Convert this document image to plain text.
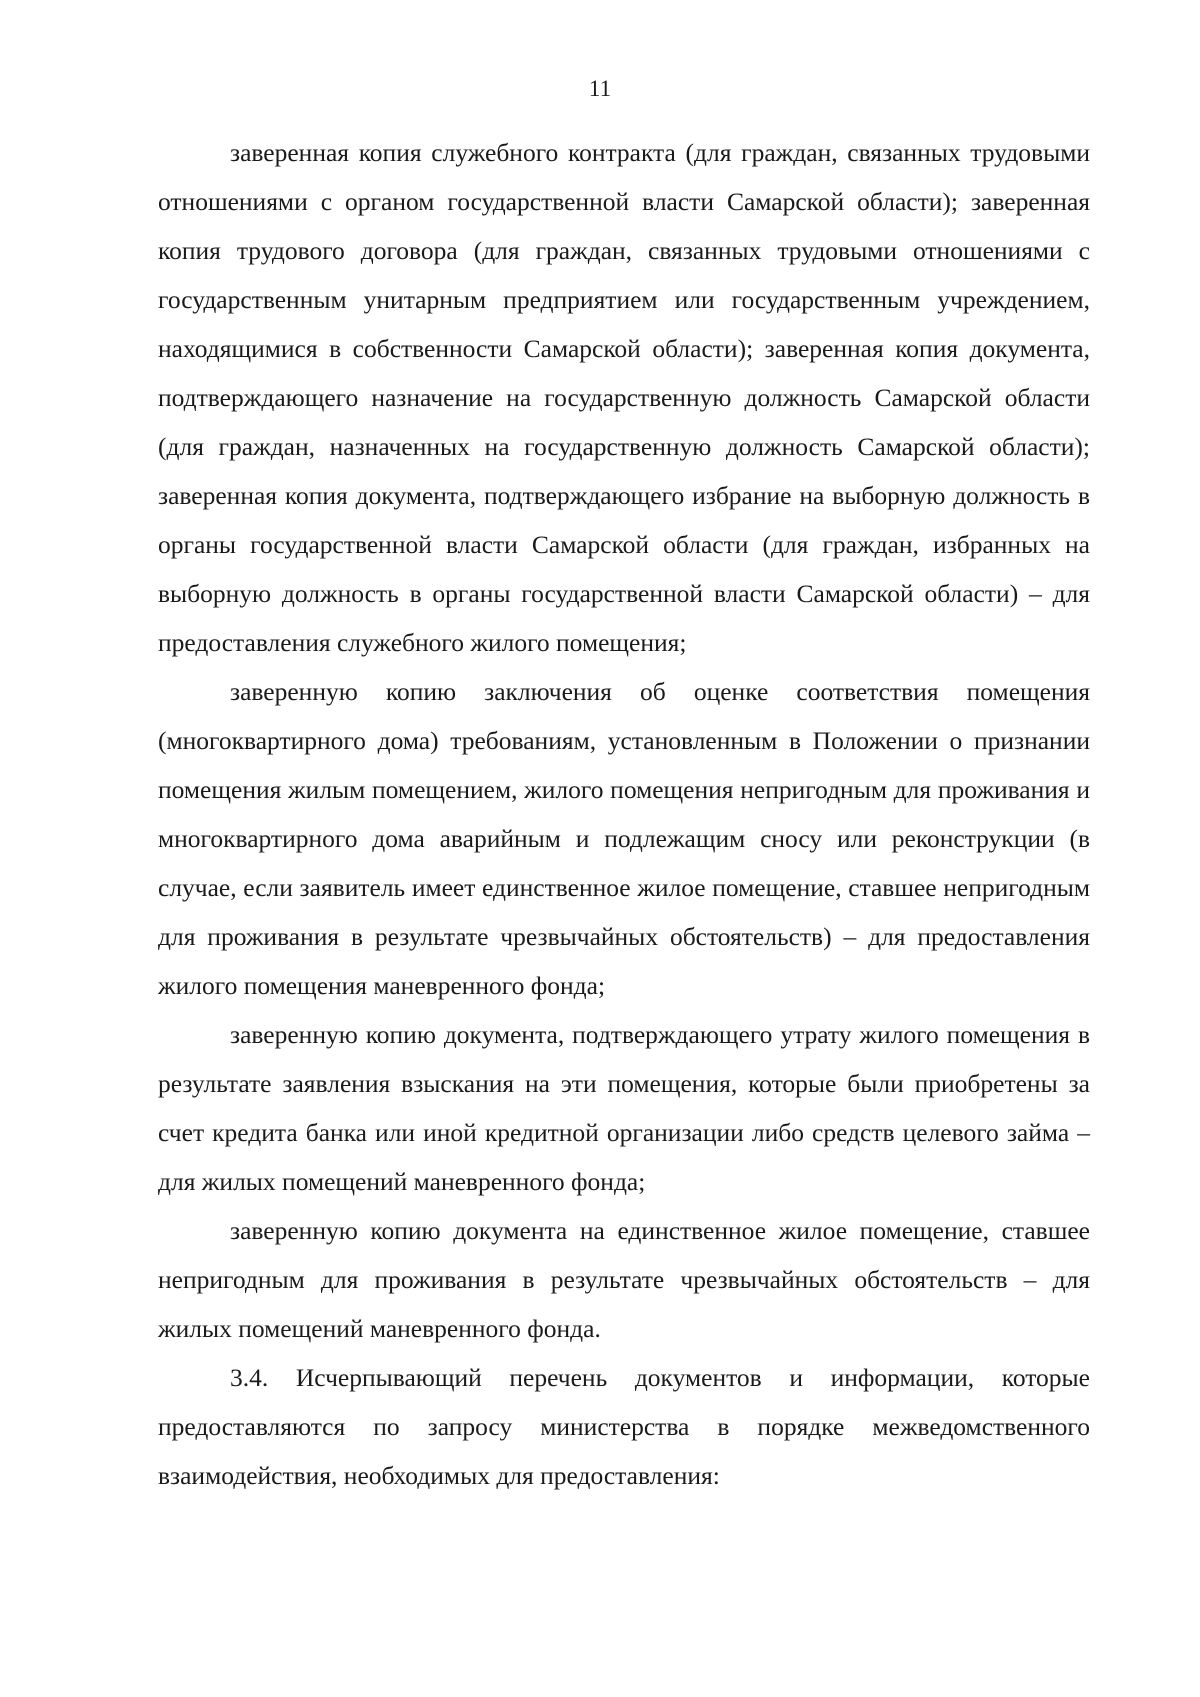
11

заверенная копия служебного контракта (для граждан, связанных трудовыми отношениями с органом государственной власти Самарской области); заверенная копия трудового договора (для граждан, связанных трудовыми отношениями с государственным унитарным предприятием или государственным учреждением, находящимися в собственности Самарской области); заверенная копия документа, подтверждающего назначение на государственную должность Самарской области (для граждан, назначенных на государственную должность Самарской области); заверенная копия документа, подтверждающего избрание на выборную должность в органы государственной власти Самарской области (для граждан, избранных на выборную должность в органы государственной власти Самарской области) – для предоставления служебного жилого помещения;

заверенную копию заключения об оценке соответствия помещения (многоквартирного дома) требованиям, установленным в Положении о признании помещения жилым помещением, жилого помещения непригодным для проживания и многоквартирного дома аварийным и подлежащим сносу или реконструкции (в случае, если заявитель имеет единственное жилое помещение, ставшее непригодным для проживания в результате чрезвычайных обстоятельств) – для предоставления жилого помещения маневренного фонда;

заверенную копию документа, подтверждающего утрату жилого помещения в результате заявления взыскания на эти помещения, которые были приобретены за счет кредита банка или иной кредитной организации либо средств целевого займа – для жилых помещений маневренного фонда;

заверенную копию документа на единственное жилое помещение, ставшее непригодным для проживания в результате чрезвычайных обстоятельств – для жилых помещений маневренного фонда.

3.4. Исчерпывающий перечень документов и информации, которые предоставляются по запросу министерства в порядке межведомственного взаимодействия, необходимых для предоставления:
